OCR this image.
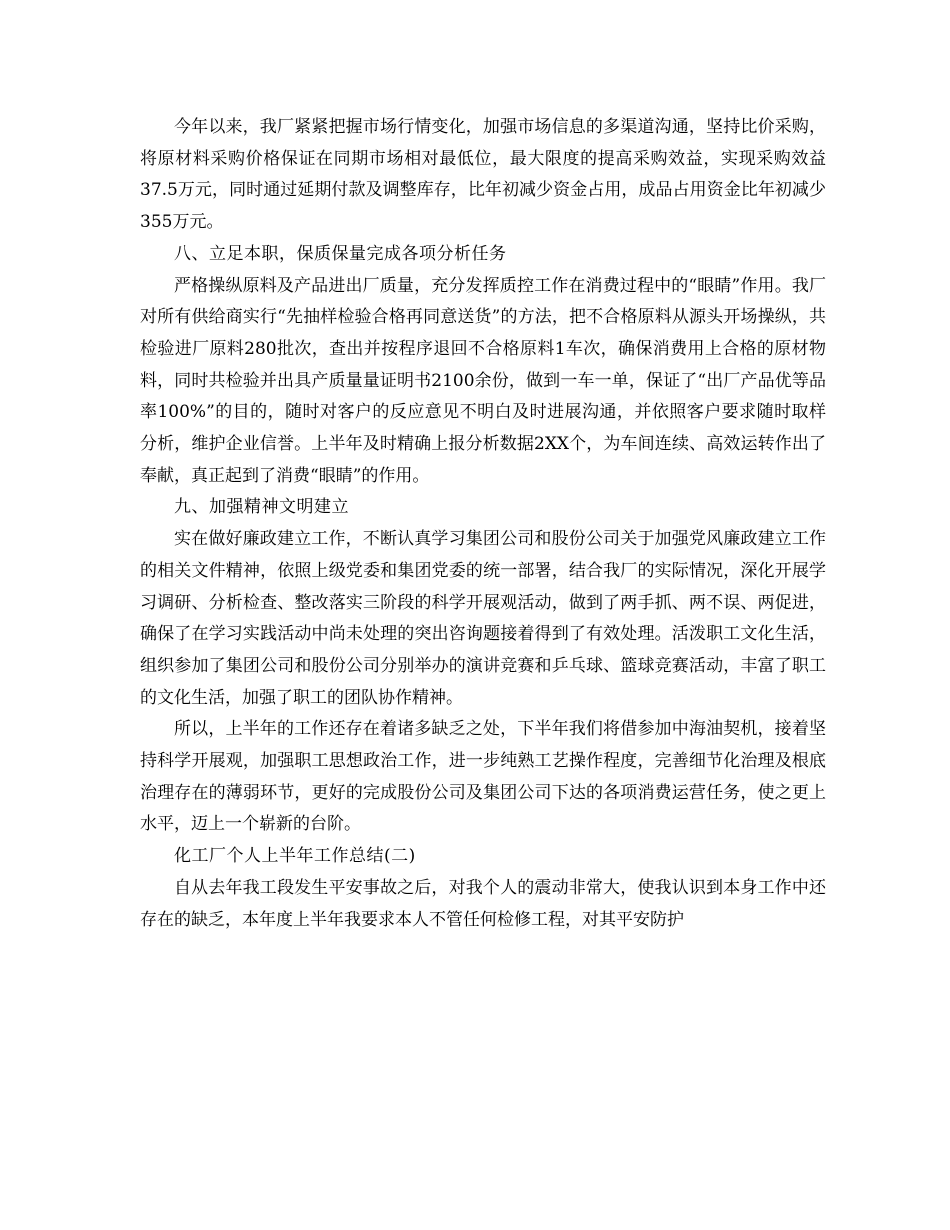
今年以来，我厂紧紧把握市场行情变化，加强市场信息的多渠道沟通，坚持比价采购，将原材料采购价格保证在同期市场相对最低位，最大限度的提高采购效益，实现采购效益37.5万元，同时通过延期付款及调整库存，比年初减少资金占用，成品占用资金比年初减少355万元。

八、立足本职，保质保量完成各项分析任务

严格操纵原料及产品进出厂质量，充分发挥质控工作在消费过程中的“眼睛”作用。我厂对所有供给商实行“先抽样检验合格再同意送货”的方法，把不合格原料从源头开场操纵，共检验进厂原料280批次，查出并按程序退回不合格原料1车次，确保消费用上合格的原材物料，同时共检验并出具产质量量证明书2100余份，做到一车一单，保证了“出厂产品优等品率100%”的目的，随时对客户的反应意见不明白及时进展沟通，并依照客户要求随时取样分析，维护企业信誉。上半年及时精确上报分析数据2XX个，为车间连续、高效运转作出了奉献，真正起到了消费“眼睛”的作用。

九、加强精神文明建立

实在做好廉政建立工作，不断认真学习集团公司和股份公司关于加强党风廉政建立工作的相关文件精神，依照上级党委和集团党委的统一部署，结合我厂的实际情况，深化开展学习调研、分析检查、整改落实三阶段的科学开展观活动，做到了两手抓、两不误、两促进，确保了在学习实践活动中尚未处理的突出咨询题接着得到了有效处理。活泼职工文化生活，组织参加了集团公司和股份公司分别举办的演讲竞赛和乒乓球、篮球竞赛活动，丰富了职工的文化生活，加强了职工的团队协作精神。

所以，上半年的工作还存在着诸多缺乏之处，下半年我们将借参加中海油契机，接着坚持科学开展观，加强职工思想政治工作，进一步纯熟工艺操作程度，完善细节化治理及根底治理存在的薄弱环节，更好的完成股份公司及集团公司下达的各项消费运营任务，使之更上水平，迈上一个崭新的台阶。

化工厂个人上半年工作总结(二)

自从去年我工段发生平安事故之后，对我个人的震动非常大，使我认识到本身工作中还存在的缺乏，本年度上半年我要求本人不管任何检修工程，对其平安防护
